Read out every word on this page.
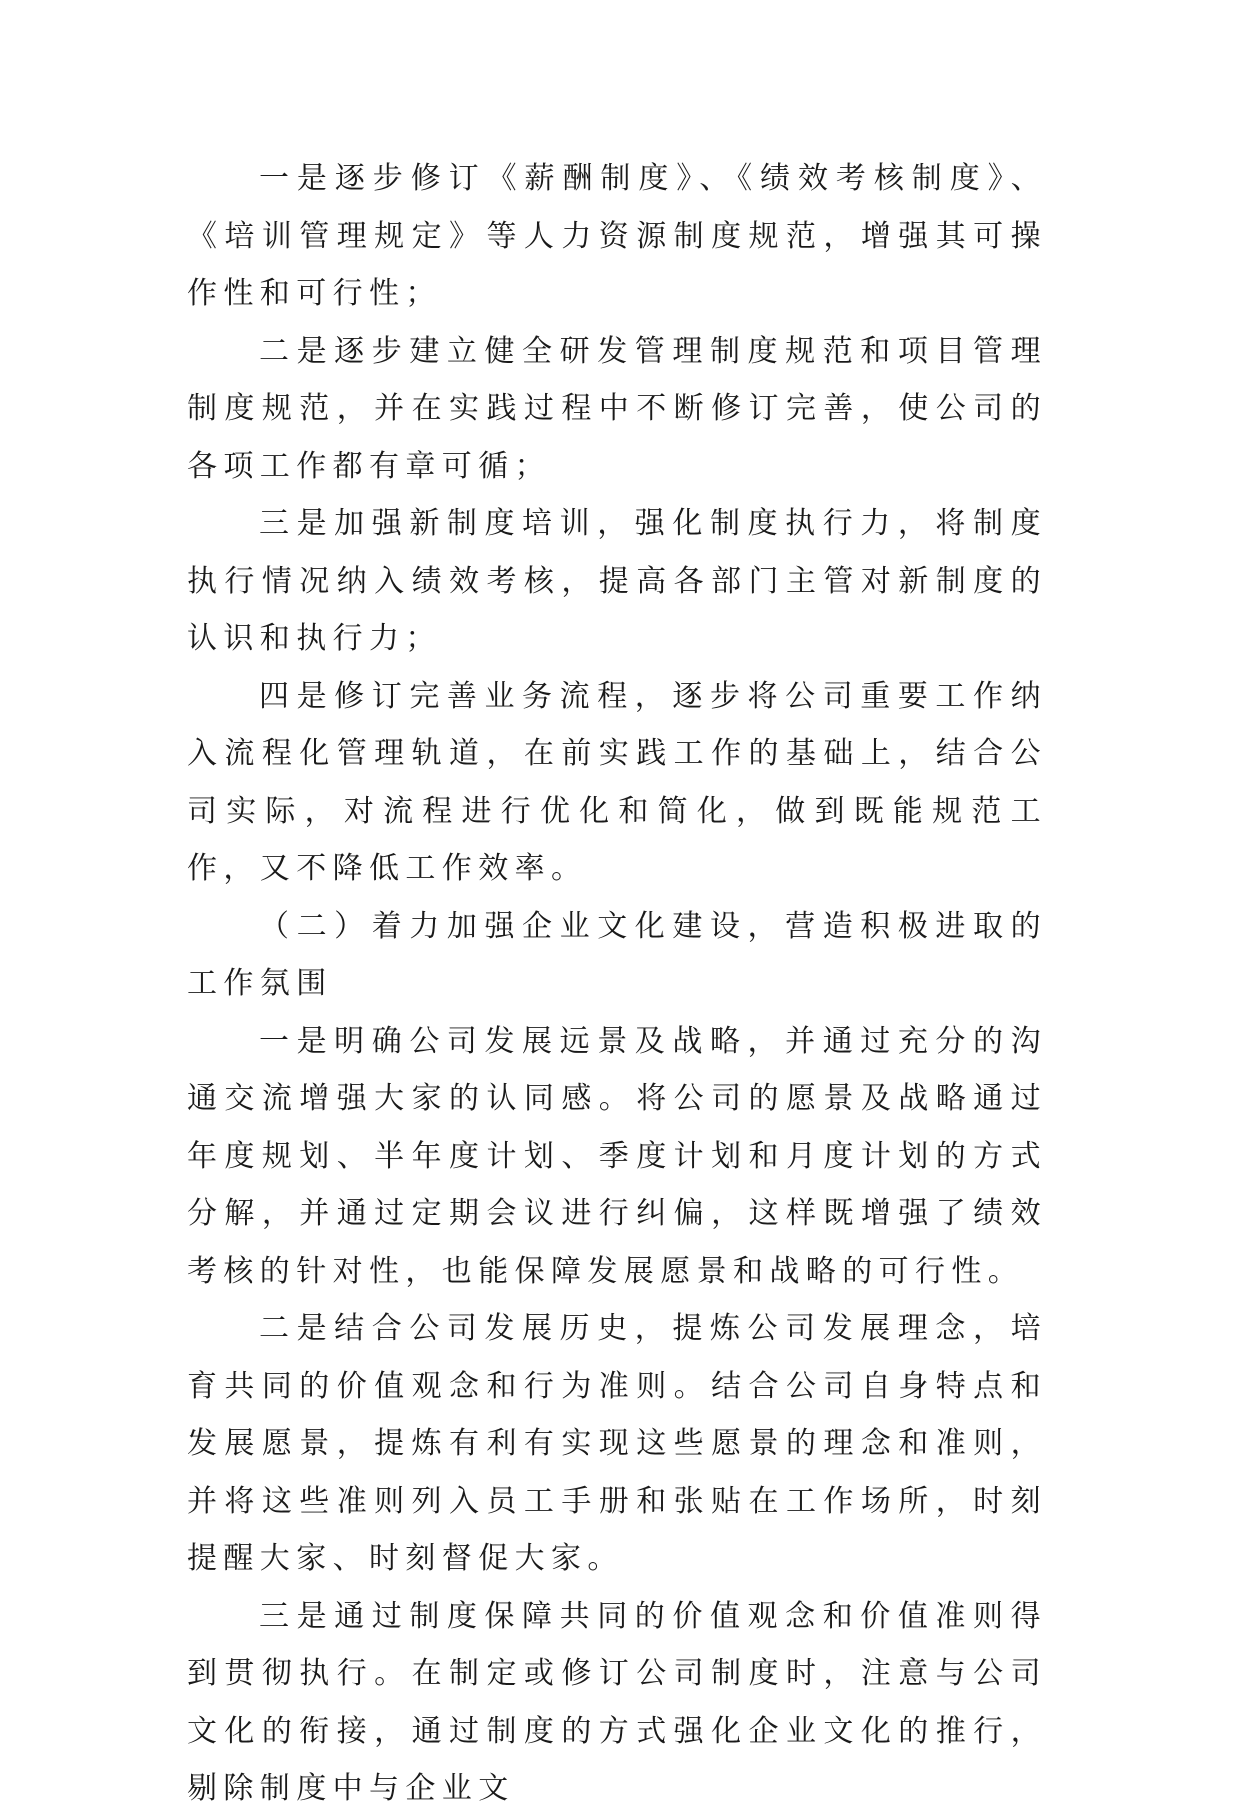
一是逐步修订《薪酬制度》、《绩效考核制度》、《培训管理规定》等人力资源制度规范，增强其可操作性和可行性；

二是逐步建立健全研发管理制度规范和项目管理制度规范，并在实践过程中不断修订完善，使公司的各项工作都有章可循；

三是加强新制度培训，强化制度执行力，将制度执行情况纳入绩效考核，提高各部门主管对新制度的认识和执行力；

四是修订完善业务流程，逐步将公司重要工作纳入流程化管理轨道，在前实践工作的基础上，结合公司实际，对流程进行优化和简化，做到既能规范工作，又不降低工作效率。

（二）着力加强企业文化建设，营造积极进取的工作氛围

一是明确公司发展远景及战略，并通过充分的沟通交流增强大家的认同感。将公司的愿景及战略通过年度规划、半年度计划、季度计划和月度计划的方式分解，并通过定期会议进行纠偏，这样既增强了绩效考核的针对性，也能保障发展愿景和战略的可行性。

二是结合公司发展历史，提炼公司发展理念，培育共同的价值观念和行为准则。结合公司自身特点和发展愿景，提炼有利有实现这些愿景的理念和准则，并将这些准则列入员工手册和张贴在工作场所，时刻提醒大家、时刻督促大家。

三是通过制度保障共同的价值观念和价值准则得到贯彻执行。在制定或修订公司制度时，注意与公司文化的衔接，通过制度的方式强化企业文化的推行，剔除制度中与企业文
